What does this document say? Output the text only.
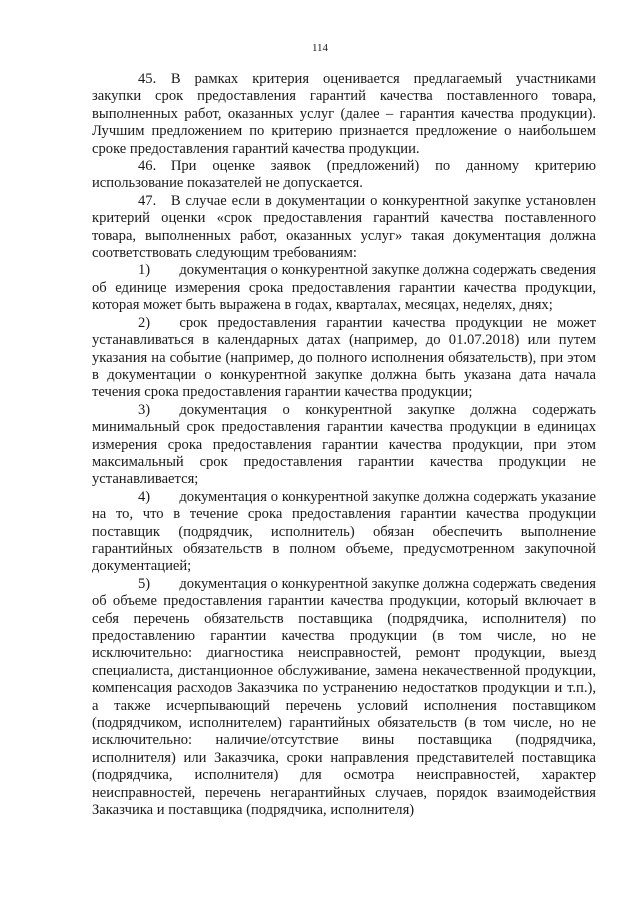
114

45. В рамках критерия оценивается предлагаемый участниками закупки срок предоставления гарантий качества поставленного товара, выполненных работ, оказанных услуг (далее – гарантия качества продукции). Лучшим предложением по критерию признается предложение о наибольшем сроке предоставления гарантий качества продукции.

46. При оценке заявок (предложений) по данному критерию использование показателей не допускается.

47. В случае если в документации о конкурентной закупке установлен критерий оценки «срок предоставления гарантий качества поставленного товара, выполненных работ, оказанных услуг» такая документация должна соответствовать следующим требованиям:

1)  документация о конкурентной закупке должна содержать сведения об единице измерения срока предоставления гарантии качества продукции, которая может быть выражена в годах, кварталах, месяцах, неделях, днях;

2)  срок предоставления гарантии качества продукции не может устанавливаться в календарных датах (например, до 01.07.2018) или путем указания на событие (например, до полного исполнения обязательств), при этом в документации о конкурентной закупке должна быть указана дата начала течения срока предоставления гарантии качества продукции;

3)  документация о конкурентной закупке должна содержать минимальный срок предоставления гарантии качества продукции в единицах измерения срока предоставления гарантии качества продукции, при этом максимальный срок предоставления гарантии качества продукции не устанавливается;

4)  документация о конкурентной закупке должна содержать указание на то, что в течение срока предоставления гарантии качества продукции поставщик (подрядчик, исполнитель) обязан обеспечить выполнение гарантийных обязательств в полном объеме, предусмотренном закупочной документацией;

5)  документация о конкурентной закупке должна содержать сведения об объеме предоставления гарантии качества продукции, который включает в себя перечень обязательств поставщика (подрядчика, исполнителя) по предоставлению гарантии качества продукции (в том числе, но не исключительно: диагностика неисправностей, ремонт продукции, выезд специалиста, дистанционное обслуживание, замена некачественной продукции, компенсация расходов Заказчика по устранению недостатков продукции и т.п.), а также исчерпывающий перечень условий исполнения поставщиком (подрядчиком, исполнителем) гарантийных обязательств (в том числе, но не исключительно: наличие/отсутствие вины поставщика (подрядчика, исполнителя) или Заказчика, сроки направления представителей поставщика (подрядчика, исполнителя) для осмотра неисправностей, характер неисправностей, перечень негарантийных случаев, порядок взаимодействия Заказчика и поставщика (подрядчика, исполнителя)
